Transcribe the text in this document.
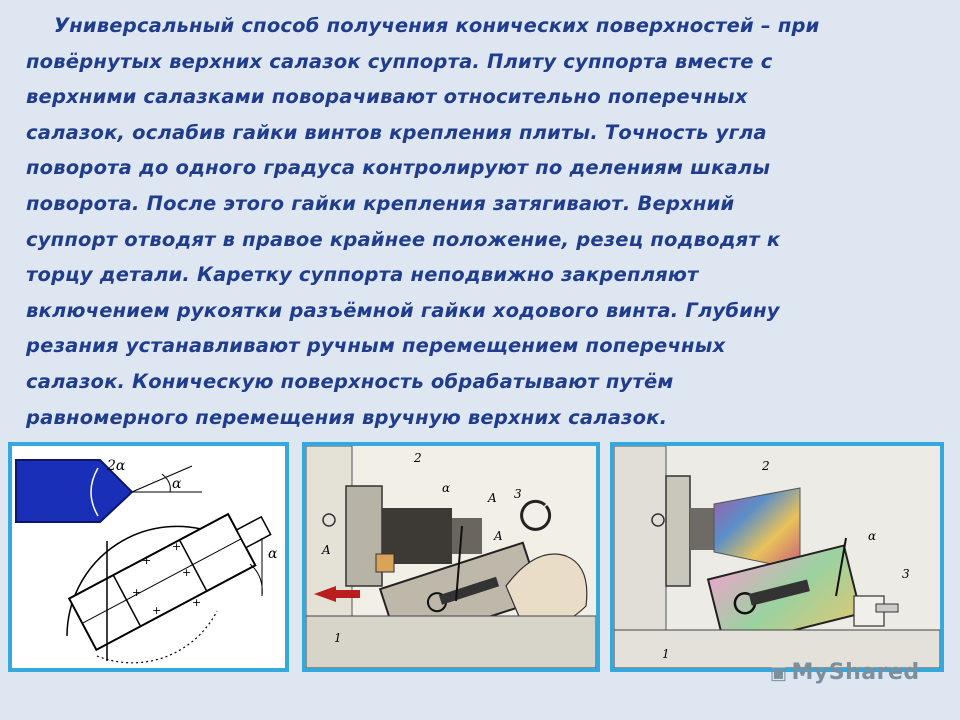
Универсальный способ получения конических поверхностей – при
повёрнутых верхних салазок суппорта. Плиту суппорта вместе с
верхними салазками поворачивают относительно поперечных
салазок, ослабив гайки винтов крепления плиты. Точность угла
поворота до одного градуса контролируют по делениям шкалы
поворота. После этого гайки крепления затягивают. Верхний
суппорт отводят в правое крайнее положение, резец подводят к
торцу детали. Каретку суппорта неподвижно закрепляют
включением рукоятки разъёмной гайки ходового винта. Глубину
резания устанавливают ручным перемещением поперечных
салазок. Коническую поверхность обрабатывают путём
равномерного перемещения вручную верхних салазок.

2α
α
+
+
+
+
+
+
α
2
α
A
3
A
A
1
2
α
3
1
▣ MyShared
